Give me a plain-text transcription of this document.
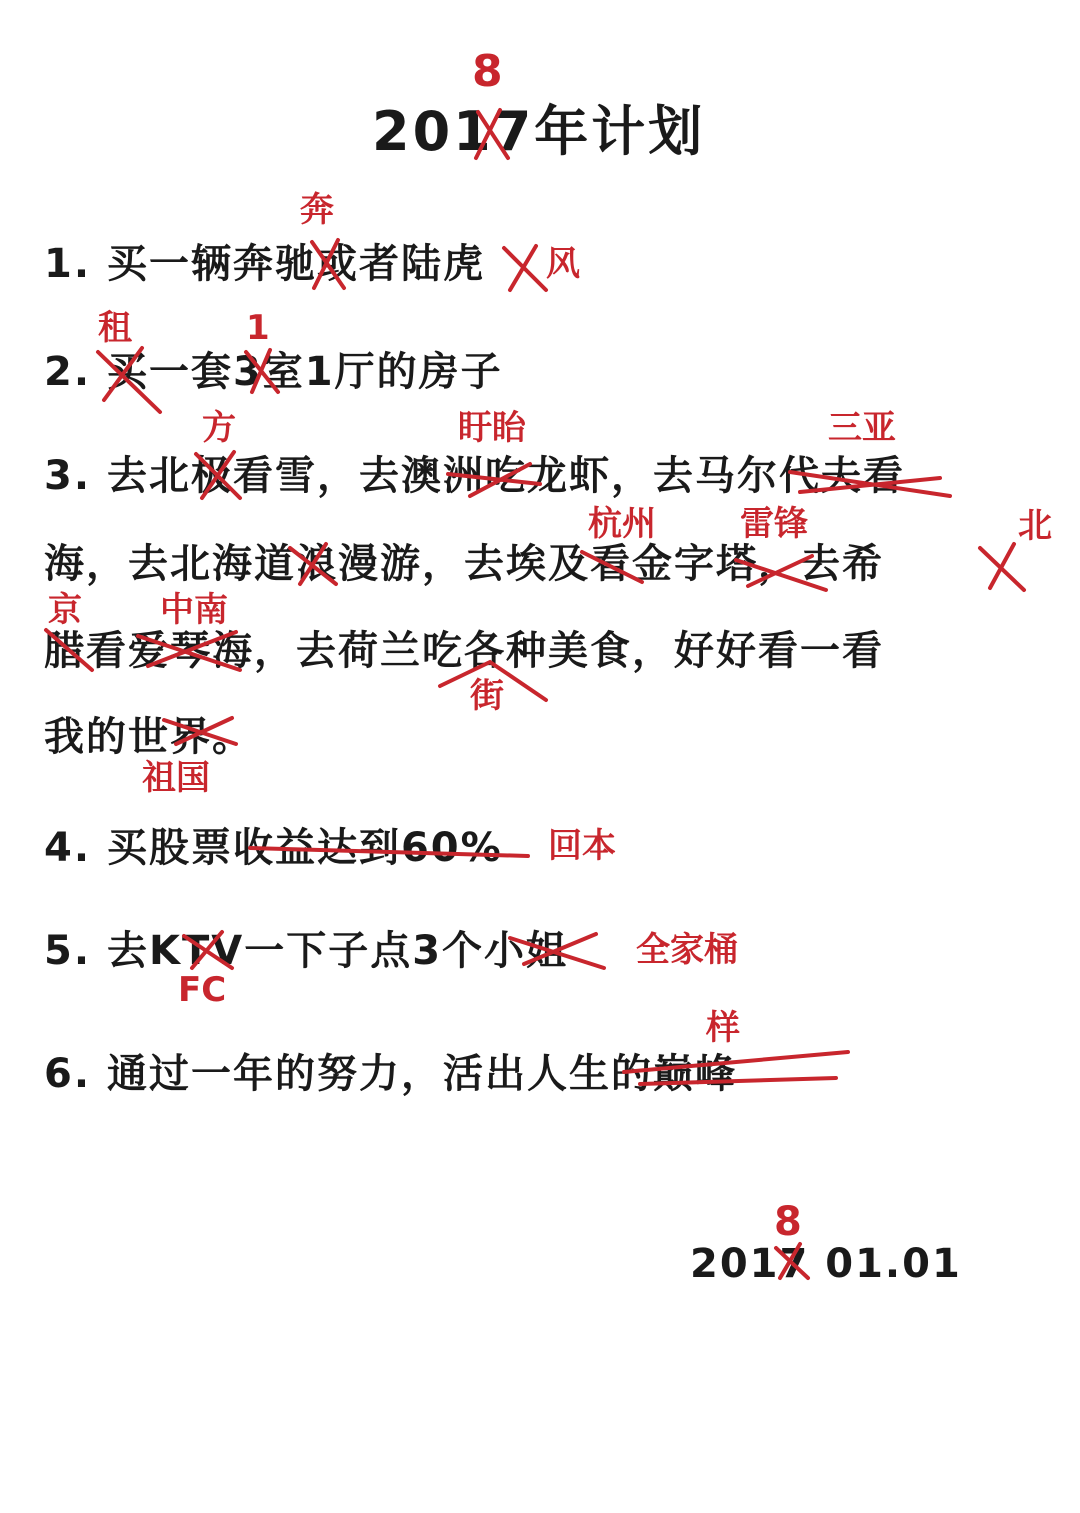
2017年计划
1. 买一辆奔驰或者陆虎
2. 买一套3室1厅的房子
3. 去北极看雪，去澳洲吃龙虾，去马尔代夫看
海，去北海道浪漫游，去埃及看金字塔，去希
腊看爱琴海，去荷兰吃各种美食，好好看一看
我的世界。
4. 买股票收益达到60%
5. 去KTV一下子点3个小姐
6. 通过一年的努力，活出人生的巅峰
2017 01.01
8
奔
风
租	1
方	盱眙	三亚
杭州 雷锋	北
京 中南
街
祖国
回本
FC
全家桶
样
8
